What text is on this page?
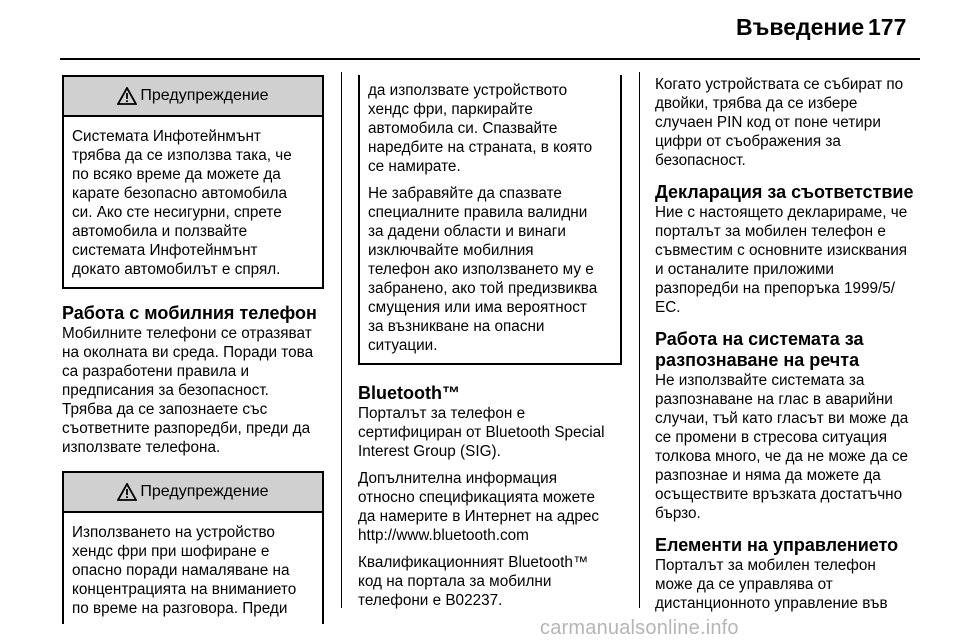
Въведение 177
Предупреждение

Системата Инфотейнмънт

трябва да се използва така, че

по всяко време да можете да

карате безопасно автомобила

си. Ако сте несигурни, спрете

автомобила и ползвайте

системата Инфотейнмънт

докато автомобилът е спрял.

Работа с мобилния телефон

Мобилните телефони се отразяват

на околната ви среда. Поради това

са разработени правила и

предписания за безопасност.

Трябва да се запознаете със

съответните разпоредби, преди да

използвате телефона.

Предупреждение

Използването на устройство

хендс фри при шофиране е

опасно поради намаляване на

концентрацията на вниманието

по време на разговора. Преди

да използвате устройството

хендс фри, паркирайте

автомобила си. Спазвайте

наредбите на страната, в която

се намирате.

Не забравяйте да спазвате

специалните правила валидни

за дадени области и винаги

изключвайте мобилния

телефон ако използването му е

забранено, ако той предизвиква

смущения или има вероятност

за възникване на опасни

ситуации.

Bluetooth™

Порталът за телефон е

сертифициран от Bluetooth Special

Interest Group (SIG).

Допълнителна информация

относно спецификацията можете

да намерите в Интернет на адрес

http://www.bluetooth.com

Квалификационният Bluetooth™

код на портала за мобилни

телефони е B02237.

Когато устройствата се събират по

двойки, трябва да се избере

случаен PIN код от поне четири

цифри от съображения за

безопасност.

Декларация за съответствие

Ние с настоящето декларираме, че

порталът за мобилен телефон е

съвместим с основните изисквания

и останалите приложими

разпоредби на препоръка 1999/5/

EC.

Работа на системата за
разпознаване на речта

Не използвайте системата за

разпознаване на глас в аварийни

случаи, тъй като гласът ви може да

се промени в стресова ситуация

толкова много, че да не може да се

разпознае и няма да можете да

осъществите връзката достатъчно

бързо.

Елементи на управлението

Порталът за мобилен телефон

може да се управлява от

дистанционното управление във

carmanualsonline.info
